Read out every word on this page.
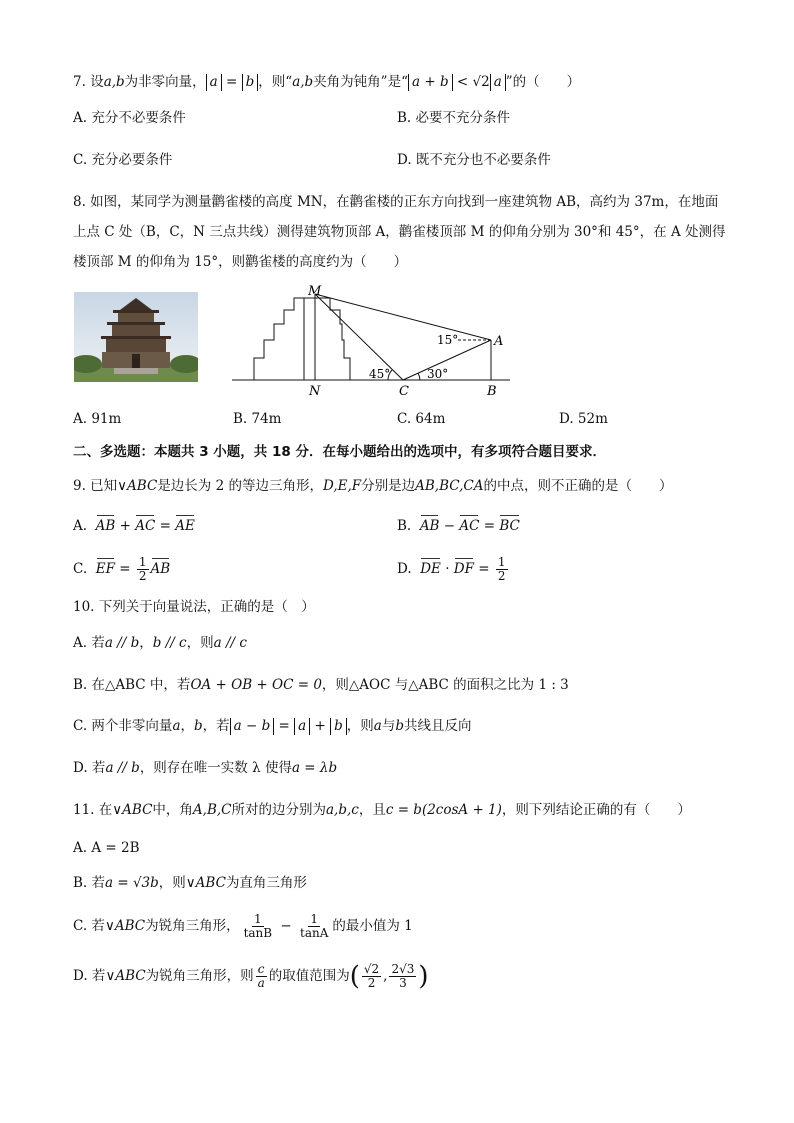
7. 设a,b为非零向量， a = b ，则“a,b夹角为钝角”是“ a + b < √2 a ”的（　　）
A. 充分不必要条件	B. 必要不充分条件
C. 充分必要条件	D. 既不充分也不必要条件
8. 如图，某同学为测量鹳雀楼的高度 MN，在鹳雀楼的正东方向找到一座建筑物 AB，高约为 37m，在地面
上点 C 处（B，C，N 三点共线）测得建筑物顶部 A，鹳雀楼顶部 M 的仰角分别为 30°和 45°，在 A 处测得
楼顶部 M 的仰角为 15°，则鹳雀楼的高度约为（　　）
M
N	C	B
A
15°
45°	30°
A. 91m	B. 74m	C. 64m	D. 52m
二、多选题：本题共 3 小题，共 18 分．在每小题给出的选项中，有多项符合题目要求．
9. 已知∨ABC是边长为 2 的等边三角形，D,E,F分别是边AB,BC,CA的中点，则不正确的是（　　）
A. AB + AC = AE	B. AB − AC = BC
C. EF = $\frac{1}{2}$ AB	D. DE · DF = $\frac{1}{2}$
10. 下列关于向量说法，正确的是（　）
A. 若a // b，b // c，则a // c
B. 在△ABC 中，若OA + OB + OC = 0，则△AOC 与△ABC 的面积之比为 1 : 3
C. 两个非零向量a，b，若 a − b = a + b ，则a与b共线且反向
D. 若a // b，则存在唯一实数 λ 使得a = λb
11. 在∨ABC中，角A,B,C所对的边分别为a,b,c，且c = b(2cosA + 1)，则下列结论正确的有（　　）
A. A = 2B
B. 若a = √3b，则∨ABC为直角三角形
C. 若∨ABC为锐角三角形， $\frac{1}{\tan B} - \frac{1}{\tan A}$ 的最小值为 1
D. 若∨ABC为锐角三角形，则 $\frac{c}{a}$ 的取值范围为( $\frac{√2}{2}$ , $\frac{2√3}{3}$ )
